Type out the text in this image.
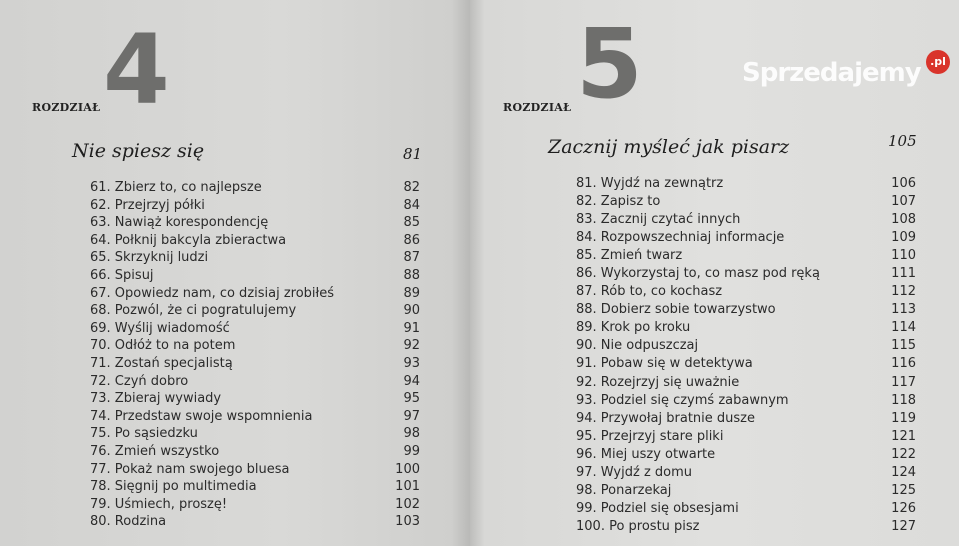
4
ROZDZIAŁ
Nie spiesz się	81
61. Zbierz to, co najlepsze	82
62. Przejrzyj półki	84
63. Nawiąż korespondencję	85
64. Połknij bakcyla zbieractwa	86
65. Skrzyknij ludzi	87
66. Spisuj	88
67. Opowiedz nam, co dzisiaj zrobiłeś	89
68. Pozwól, że ci pogratulujemy	90
69. Wyślij wiadomość	91
70. Odłóż to na potem	92
71. Zostań specjalistą	93
72. Czyń dobro	94
73. Zbieraj wywiady	95
74. Przedstaw swoje wspomnienia	97
75. Po sąsiedzku	98
76. Zmień wszystko	99
77. Pokaż nam swojego bluesa	100
78. Sięgnij po multimedia	101
79. Uśmiech, proszę!	102
80. Rodzina	103
5
ROZDZIAŁ
Zacznij myśleć jak pisarz	105
81. Wyjdź na zewnątrz	106
82. Zapisz to	107
83. Zacznij czytać innych	108
84. Rozpowszechniaj informacje	109
85. Zmień twarz	110
86. Wykorzystaj to, co masz pod ręką	111
87. Rób to, co kochasz	112
88. Dobierz sobie towarzystwo	113
89. Krok po kroku	114
90. Nie odpuszczaj	115
91. Pobaw się w detektywa	116
92. Rozejrzyj się uważnie	117
93. Podziel się czymś zabawnym	118
94. Przywołaj bratnie dusze	119
95. Przejrzyj stare pliki	121
96. Miej uszy otwarte	122
97. Wyjdź z domu	124
98. Ponarzekaj	125
99. Podziel się obsesjami	126
100. Po prostu pisz	127
Sprzedajemy .pl
